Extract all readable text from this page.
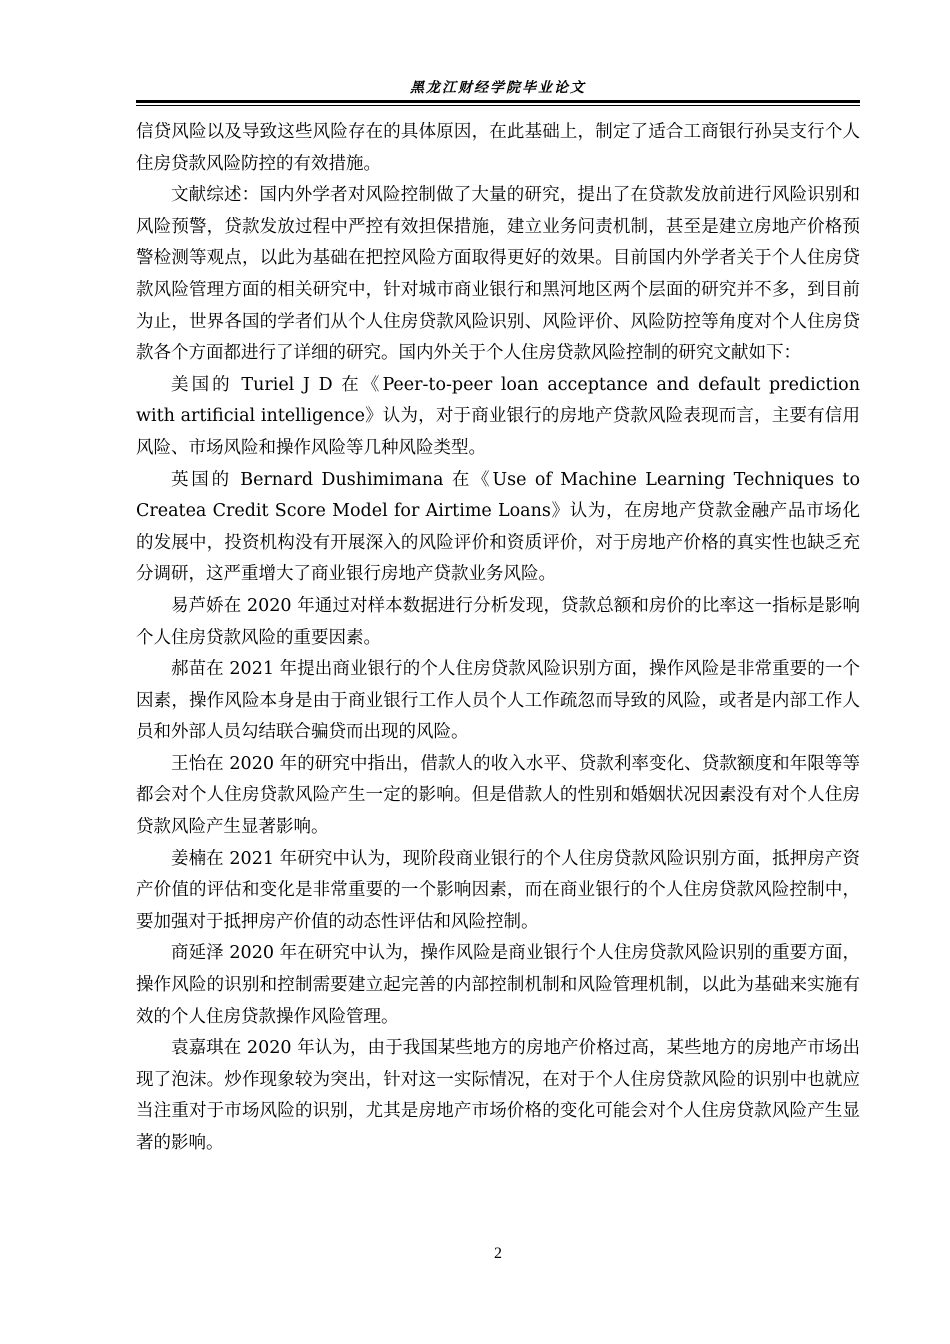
黑龙江财经学院毕业论文

信贷风险以及导致这些风险存在的具体原因，在此基础上，制定了适合工商银行孙吴支行个人住房贷款风险防控的有效措施。

文献综述：国内外学者对风险控制做了大量的研究，提出了在贷款发放前进行风险识别和风险预警，贷款发放过程中严控有效担保措施，建立业务问责机制，甚至是建立房地产价格预警检测等观点，以此为基础在把控风险方面取得更好的效果。目前国内外学者关于个人住房贷款风险管理方面的相关研究中，针对城市商业银行和黑河地区两个层面的研究并不多，到目前为止，世界各国的学者们从个人住房贷款风险识别、风险评价、风险防控等角度对个人住房贷款各个方面都进行了详细的研究。国内外关于个人住房贷款风险控制的研究文献如下：

美国的 Turiel J D 在《Peer-to-peer loan acceptance and default prediction with artificial intelligence》认为，对于商业银行的房地产贷款风险表现而言，主要有信用风险、市场风险和操作风险等几种风险类型。

英国的 Bernard Dushimimana 在《Use of Machine Learning Techniques to Createa Credit Score Model for Airtime Loans》认为，在房地产贷款金融产品市场化的发展中，投资机构没有开展深入的风险评价和资质评价，对于房地产价格的真实性也缺乏充分调研，这严重增大了商业银行房地产贷款业务风险。

易芦娇在 2020 年通过对样本数据进行分析发现，贷款总额和房价的比率这一指标是影响个人住房贷款风险的重要因素。

郝苗在 2021 年提出商业银行的个人住房贷款风险识别方面，操作风险是非常重要的一个因素，操作风险本身是由于商业银行工作人员个人工作疏忽而导致的风险，或者是内部工作人员和外部人员勾结联合骗贷而出现的风险。

王怡在 2020 年的研究中指出，借款人的收入水平、贷款利率变化、贷款额度和年限等等都会对个人住房贷款风险产生一定的影响。但是借款人的性别和婚姻状况因素没有对个人住房贷款风险产生显著影响。

姜楠在 2021 年研究中认为，现阶段商业银行的个人住房贷款风险识别方面，抵押房产资产价值的评估和变化是非常重要的一个影响因素，而在商业银行的个人住房贷款风险控制中，要加强对于抵押房产价值的动态性评估和风险控制。

商延泽 2020 年在研究中认为，操作风险是商业银行个人住房贷款风险识别的重要方面，操作风险的识别和控制需要建立起完善的内部控制机制和风险管理机制，以此为基础来实施有效的个人住房贷款操作风险管理。

袁嘉琪在 2020 年认为，由于我国某些地方的房地产价格过高，某些地方的房地产市场出现了泡沫。炒作现象较为突出，针对这一实际情况，在对于个人住房贷款风险的识别中也就应当注重对于市场风险的识别，尤其是房地产市场价格的变化可能会对个人住房贷款风险产生显著的影响。

2
